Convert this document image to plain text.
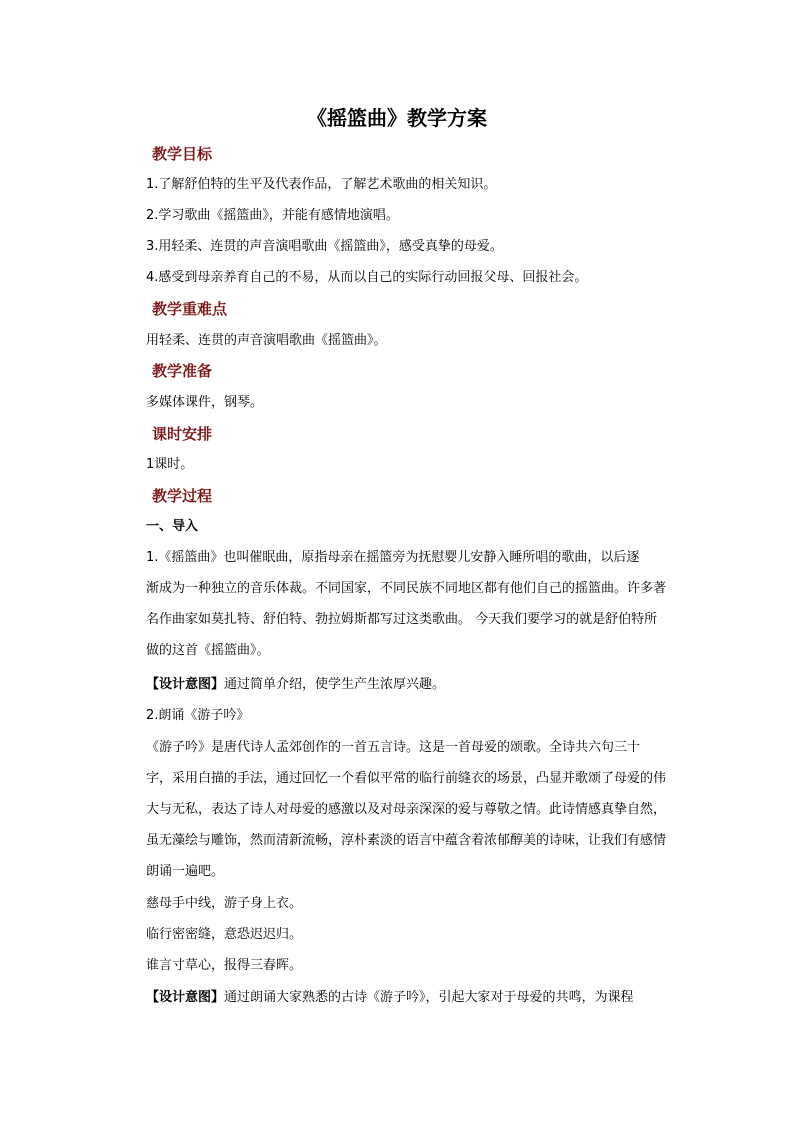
《摇篮曲》教学方案
教学目标
1.了解舒伯特的生平及代表作品，了解艺术歌曲的相关知识。
2.学习歌曲《摇篮曲》，并能有感情地演唱。
3.用轻柔、连贯的声音演唱歌曲《摇篮曲》，感受真挚的母爱。
4.感受到母亲养育自己的不易，从而以自己的实际行动回报父母、回报社会。
教学重难点
用轻柔、连贯的声音演唱歌曲《摇篮曲》。
教学准备
多媒体课件，钢琴。
课时安排
1课时。
教学过程
一、导入
1.《摇篮曲》也叫催眠曲，原指母亲在摇篮旁为抚慰婴儿安静入睡所唱的歌曲，以后逐
渐成为一种独立的音乐体裁。不同国家，不同民族不同地区都有他们自己的摇篮曲。许多著
名作曲家如莫扎特、舒伯特、勃拉姆斯都写过这类歌曲。 今天我们要学习的就是舒伯特所
做的这首《摇篮曲》。
【设计意图】通过简单介绍，使学生产生浓厚兴趣。
2.朗诵《游子吟》
《游子吟》是唐代诗人孟郊创作的一首五言诗。这是一首母爱的颂歌。全诗共六句三十
字，采用白描的手法，通过回忆一个看似平常的临行前缝衣的场景，凸显并歌颂了母爱的伟
大与无私，表达了诗人对母爱的感激以及对母亲深深的爱与尊敬之情。此诗情感真挚自然，
虽无藻绘与雕饰，然而清新流畅，淳朴素淡的语言中蕴含着浓郁醇美的诗味，让我们有感情
朗诵一遍吧。
慈母手中线，游子身上衣。
临行密密缝，意恐迟迟归。
谁言寸草心，报得三春晖。
【设计意图】通过朗诵大家熟悉的古诗《游子吟》，引起大家对于母爱的共鸣，为课程
